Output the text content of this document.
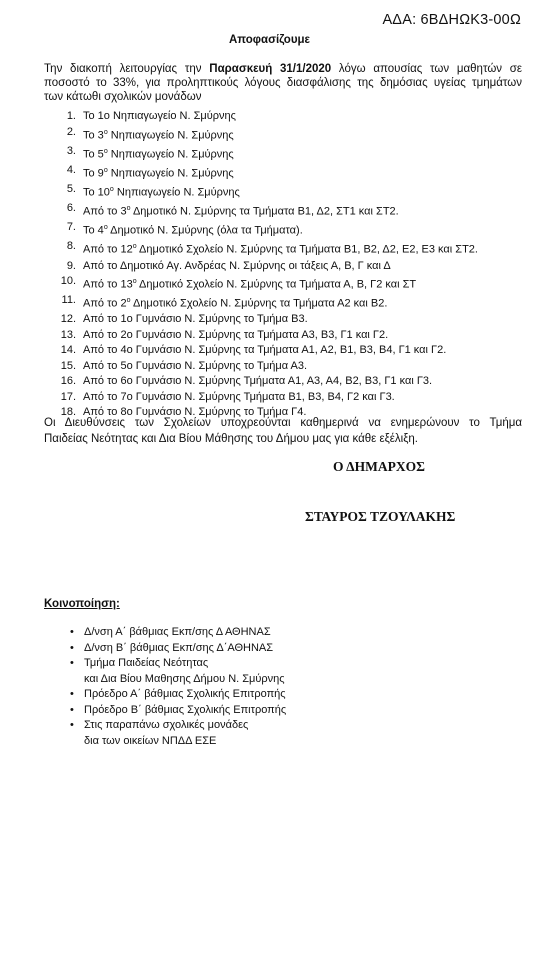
ΑΔΑ: 6ΒΔΗΩΚ3-00Ω
Αποφασίζουμε
Την διακοπή λειτουργίας την Παρασκευή 31/1/2020 λόγω απουσίας των μαθητών σε
ποσοστό το 33%, για προληπτικούς λόγους διασφάλισης της δημόσιας υγείας τμημάτων
των κάτωθι σχολικών μονάδων
1. Το 1ο Νηπιαγωγείο Ν. Σμύρνης
2. Το $3^o$ Νηπιαγωγείο Ν. Σμύρνης
3. Το $5^o$ Νηπιαγωγείο Ν. Σμύρνης
4. Το $9^o$ Νηπιαγωγείο Ν. Σμύρνης
5. Το $10^o$ Νηπιαγωγείο Ν. Σμύρνης
6. Από το $3^o$ Δημοτικό Ν. Σμύρνης τα Τμήματα Β1, Δ2, ΣΤ1 και ΣΤ2.
7. Το $4^o$ Δημοτικό Ν. Σμύρνης (όλα τα Τμήματα).
8. Από το $12^o$ Δημοτικό Σχολείο Ν. Σμύρνης τα Τμήματα Β1, Β2, Δ2, Ε2, Ε3 και ΣΤ2.
9. Από το Δημοτικό Αγ. Ανδρέας Ν. Σμύρνης οι τάξεις Α, Β, Γ και Δ
10. Από το $13^o$ Δημοτικό Σχολείο Ν. Σμύρνης τα Τμήματα Α, Β, Γ2 και ΣΤ
11. Από το $2^o$ Δημοτικό Σχολείο Ν. Σμύρνης τα Τμήματα Α2 και Β2.
12. Από το 1ο Γυμνάσιο Ν. Σμύρνης το Τμήμα Β3.
13. Από το 2ο Γυμνάσιο Ν. Σμύρνης τα Τμήματα Α3, Β3, Γ1 και Γ2.
14. Από το 4ο Γυμνάσιο Ν. Σμύρνης τα Τμήματα Α1, Α2, Β1, Β3, Β4, Γ1 και Γ2.
15. Από το 5ο Γυμνάσιο Ν. Σμύρνης το Τμήμα Α3.
16. Από το 6ο Γυμνάσιο Ν. Σμύρνης Τμήματα Α1, Α3, Α4, Β2, Β3, Γ1 και Γ3.
17. Από το 7ο Γυμνάσιο Ν. Σμύρνης Τμήματα Β1, Β3, Β4, Γ2 και Γ3.
18. Από το 8ο Γυμνάσιο Ν. Σμύρνης το Τμήμα Γ4.
Οι Διευθύνσεις των Σχολείων υποχρεούνται καθημερινά να ενημερώνουν το Τμήμα
Παιδείας Νεότητας και Δια Βίου Μάθησης του Δήμου μας για κάθε εξέλιξη.
Ο ΔΗΜΑΡΧΟΣ
ΣΤΑΥΡΟΣ ΤΖΟΥΛΑΚΗΣ
Κοινοποίηση:
• Δ/νση Α΄ βάθμιας Εκπ/σης Δ ΑΘΗΝΑΣ
• Δ/νση Β΄ βάθμιας Εκπ/σης Δ΄ΑΘΗΝΑΣ
• Τμήμα Παιδείας Νεότητας
και Δια Βίου Μαθησης Δήμου Ν. Σμύρνης
• Πρόεδρο Α΄ βάθμιας Σχολικής Επιτροπής
• Πρόεδρο Β΄ βάθμιας Σχολικής Επιτροπής
• Στις παραπάνω σχολικές μονάδες
δια των οικείων ΝΠΔΔ ΕΣΕ
